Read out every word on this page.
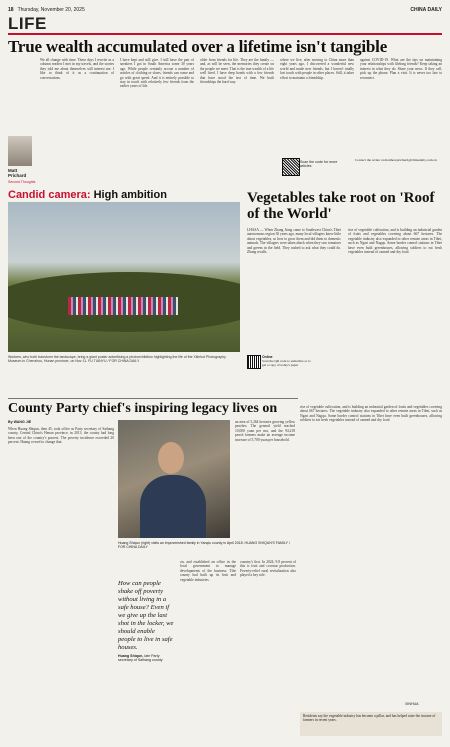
18 Thursday, November 20, 2025	CHINA DAILY
LIFE
True wealth accumulated over a lifetime isn't tangible
Matt Prichard
Second Thoughts
We all change with time. These days I rewrite as a column readers I met in my travels, and the stories they told me about themselves still interest me. I like to think of it as a continuation of conversations.
I have kept and still give. I still have the pair of sneakers I got in South America some 30 years ago. While people certainly accrue a number of articles of clothing or shoes, friends can come and go with great speed. And it is entirely possible to stay in touch with relatively few friends from the earlier years of life.
older from friends for life. They are the family — and, as will be seen, the memories they create on the people we meet. That is the true wealth of a life well lived. I have deep bonds with a few friends that have stood the test of time. We built friendships the hard way.
where we live, after moving to China more than eight years ago, I discovered a wonderful new world and made new friends, but I haven't totally lost touch with people in other places. Still, it takes effort to maintain a friendship.
against COVID-19. What are the tips on maintaining your relationships with lifelong friends? Keep taking an interest in what they do. Share your news. If they call, pick up the phone. Plan a visit. It is never too late to reconnect.
Scan the code for more articles
Contact the writer at matthewprichard@chinadaily.com.cn
Candid camera: High ambition
Workers, who both transform the landscape, bring a giant poster advertising a photoexhibition highlighting the life of the Xilinhot Photography Museum in Chenzhou, Hunan province, on Nov 11. FU TIANYU / FOR CHINA DAILY
Vegetables take root on 'Roof of the World'
LHASA — When Zhang Jiong came to Southwest China's Tibet autonomous region 30 years ago, many local villagers knew little about vegetables, so how to grow them and did them to domestic animals. The villagers were taken aback when they saw tomatoes and greens in the field. They rushed to ask what they could do. Zhang recalls.
rise of vegetable cultivation, and is building an industrial garden of fruits and vegetables covering about 667 hectares. The vegetable industry also expanded to other remote areas in Tibet, such as Ngari and Nagqu. Some border control stations in Tibet have even built greenhouses, allowing soldiers to eat fresh vegetables instead of canned and dry food.
Online
Scan the QR code to subscribe or to get a copy of today's paper
County Party chief's inspiring legacy lives on
By WANG JIE
When Huang Shiqun, then 45, took office as Party secretary of Saihang county, Central China's Henan province, in 2013, the county had long been one of the country's poorest. The poverty incidence exceeded 20 percent. Huang vowed to change that.
an area of 5,264 hectares growing yellow peaches. The general yield reached 10,000 yuan per mu, and the 94,218 peach farmers make an average income increase of 5,700 yuan per household.
Huang Shiqun (right) visits an impoverished family in Yanqiu county in April 2018. HUANG SHIQUN'S FAMILY / FOR CHINA DAILY
How can people shake off poverty without living in a safe house? Even if we give up the last shot in the locker, we should enable people to live in safe houses.
Huang Shiqun, late Party secretary of Saihang county
on, and established an office in the local government to manage developments of the business. Tthe county had built up its fruit and vegetable industries.
country's first. In 2024, 9.8 percent of this is fruit and coconut production. Poverty-relief rural revitalization also played a key role.
rise of vegetable cultivation, and is building an industrial garden of fruits and vegetables covering about 667 hectares. The vegetable industry also expanded to other remote areas in Tibet, such as Ngari and Nagqu. Some border control stations in Tibet have even built greenhouses, allowing soldiers to eat fresh vegetables instead of canned and dry food.
XINHUA
Residents say the vegetable industry has become a pillar, and has helped raise the income of farmers in recent years.
